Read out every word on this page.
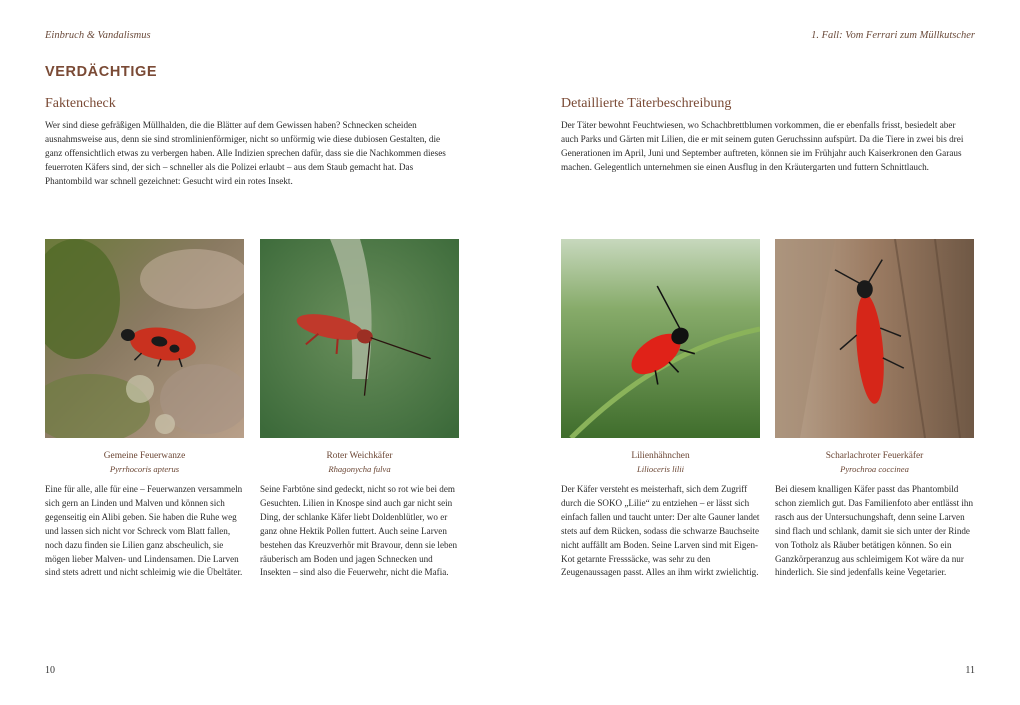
Einbruch & Vandalismus
VERDÄCHTIGE
Faktencheck
Wer sind diese gefräßigen Müllhalden, die die Blätter auf dem Gewissen haben? Schnecken scheiden ausnahmsweise aus, denn sie sind stromlinienförmiger, nicht so unförmig wie diese dubiosen Gestalten, die ganz offensichtlich etwas zu verbergen haben. Alle Indizien sprechen dafür, dass sie die Nachkommen dieses feuerroten Käfers sind, der sich – schneller als die Polizei erlaubt – aus dem Staub gemacht hat. Das Phantombild war schnell gezeichnet: Gesucht wird ein rotes Insekt.
Gemeine Feuerwanze
Pyrrhocoris apterus
Roter Weichkäfer
Rhagonycha fulva
Eine für alle, alle für eine – Feuerwanzen versammeln sich gern an Linden und Malven und können sich gegenseitig ein Alibi geben. Sie haben die Ruhe weg und lassen sich nicht vor Schreck vom Blatt fallen, noch dazu finden sie Lilien ganz abscheulich, sie mögen lieber Malven- und Lindensamen. Die Larven sind stets adrett und nicht schleimig wie die Übeltäter.
Seine Farbtöne sind gedeckt, nicht so rot wie bei dem Gesuchten. Lilien in Knospe sind auch gar nicht sein Ding, der schlanke Käfer liebt Doldenblütler, wo er ganz ohne Hektik Pollen futtert. Auch seine Larven bestehen das Kreuzverhör mit Bravour, denn sie leben räuberisch am Boden und jagen Schnecken und Insekten – sind also die Feuerwehr, nicht die Mafia.
10
1. Fall: Vom Ferrari zum Müllkutscher
Detaillierte Täterbeschreibung
Der Täter bewohnt Feuchtwiesen, wo Schachbrettblumen vorkommen, die er ebenfalls frisst, besiedelt aber auch Parks und Gärten mit Lilien, die er mit seinem guten Geruchssinn aufspürt. Da die Tiere in zwei bis drei Generationen im April, Juni und September auftreten, können sie im Frühjahr auch Kaiserkronen den Garaus machen. Gelegentlich unternehmen sie einen Ausflug in den Kräutergarten und futtern Schnittlauch.
Lilienhähnchen
Lilioceris lilii
Scharlachroter Feuerkäfer
Pyrochroa coccinea
Der Käfer versteht es meisterhaft, sich dem Zugriff durch die SOKO „Lilie“ zu entziehen – er lässt sich einfach fallen und taucht unter: Der alte Gauner landet stets auf dem Rücken, sodass die schwarze Bauchseite nicht auffällt am Boden. Seine Larven sind mit Eigen-Kot getarnte Fresssäcke, was sehr zu den Zeugenaussagen passt. Alles an ihm wirkt zwielichtig.
Bei diesem knalligen Käfer passt das Phantombild schon ziemlich gut. Das Familienfoto aber entlässt ihn rasch aus der Untersuchungshaft, denn seine Larven sind flach und schlank, damit sie sich unter der Rinde von Totholz als Räuber betätigen können. So ein Ganzkörperanzug aus schleimigem Kot wäre da nur hinderlich. Sie sind jedenfalls keine Vegetarier.
11
